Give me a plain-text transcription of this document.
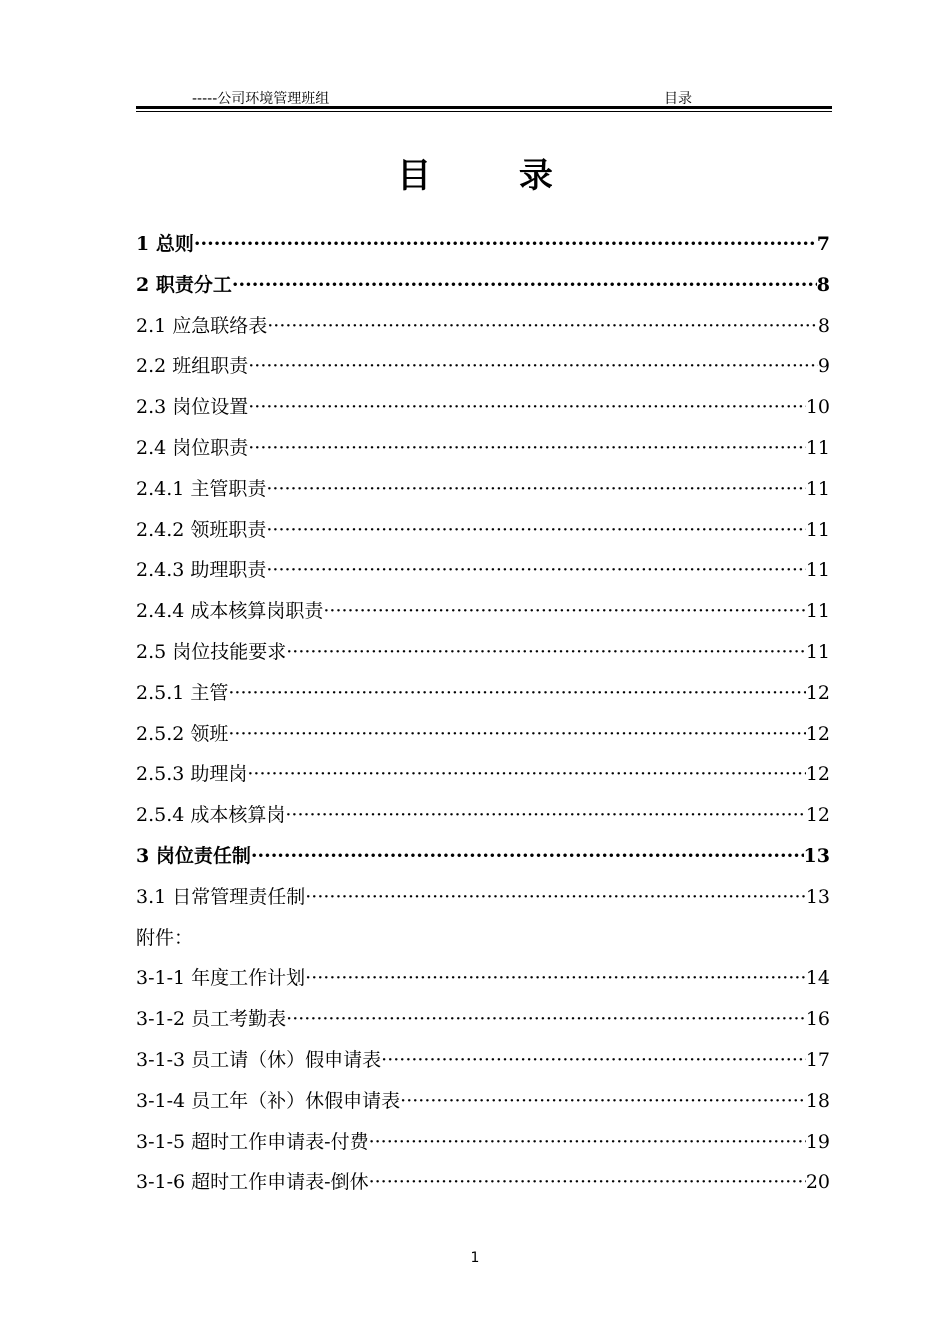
-----公司环境管理班组	目录
目 录
1 总则 ·····	7
2 职责分工 ·····	8
2.1 应急联络表 ·····	8
2.2 班组职责 ·····	9
2.3 岗位设置 ·····	10
2.4 岗位职责 ·····	11
2.4.1 主管职责 ·····	11
2.4.2 领班职责 ·····	11
2.4.3 助理职责 ·····	11
2.4.4 成本核算岗职责 ·····	11
2.5 岗位技能要求 ·····	11
2.5.1 主管 ·····	12
2.5.2 领班 ·····	12
2.5.3 助理岗 ·····	12
2.5.4 成本核算岗 ·····	12
3 岗位责任制 ·····	13
3.1 日常管理责任制 ·····	13
附件：
3-1-1 年度工作计划 ·····	14
3-1-2 员工考勤表 ·····	16
3-1-3 员工请（休）假申请表 ·····	17
3-1-4 员工年（补）休假申请表 ·····	18
3-1-5 超时工作申请表-付费 ·····	19
3-1-6 超时工作申请表-倒休 ·····	20
1
